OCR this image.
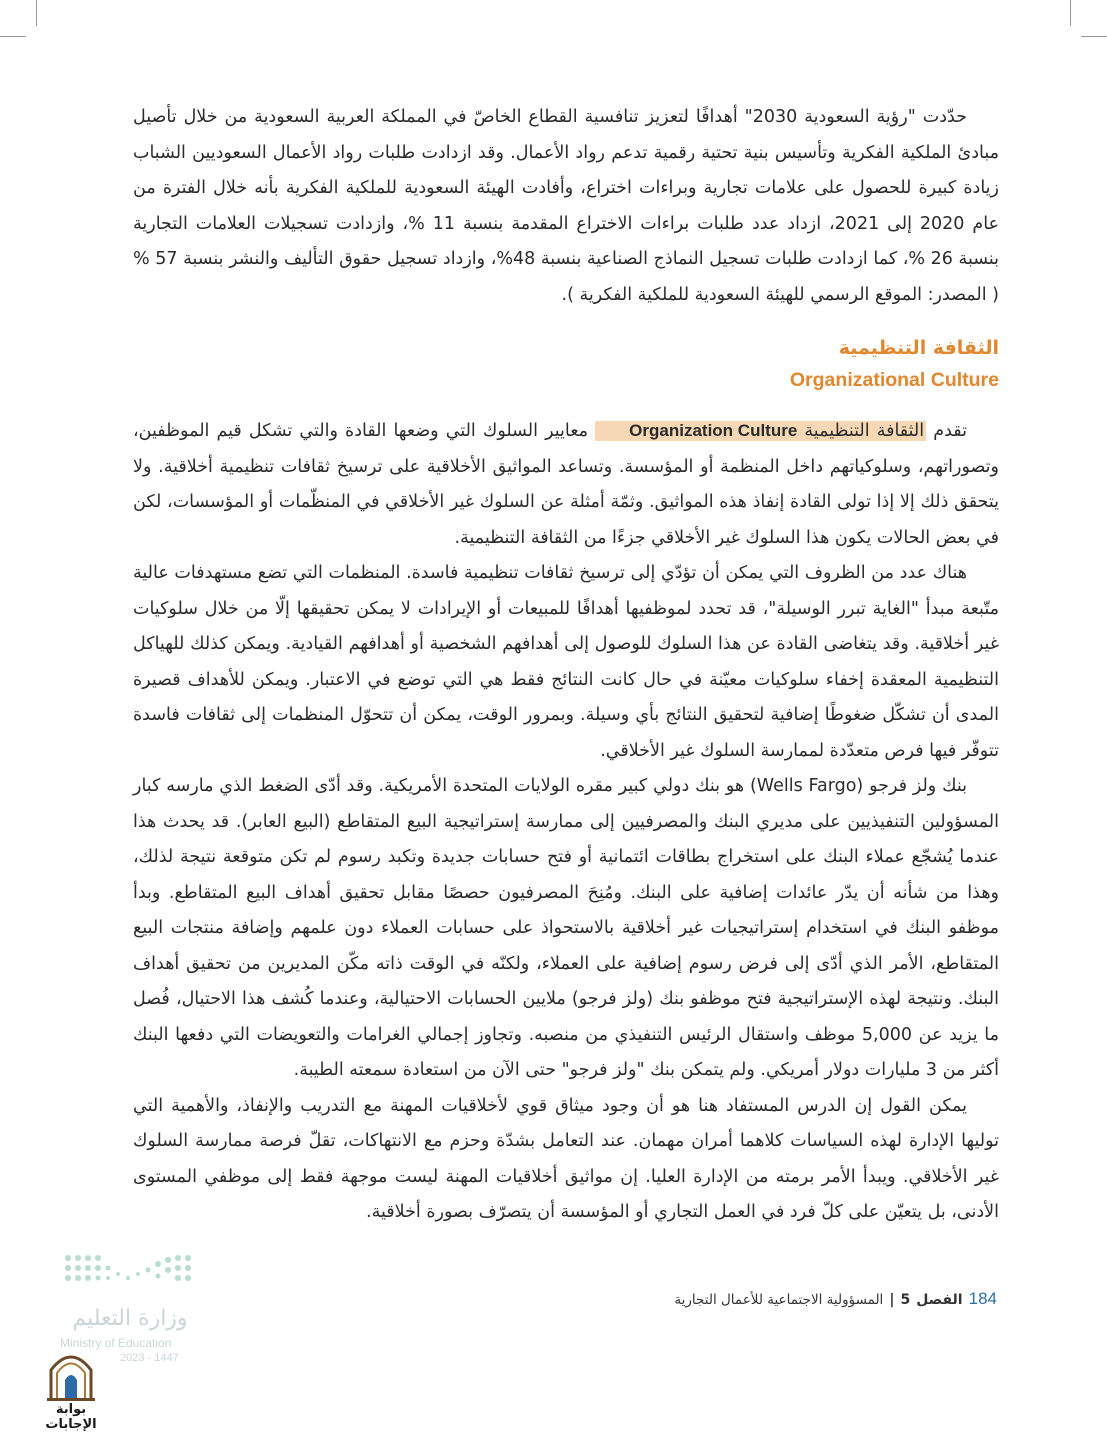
حدّدت "رؤية السعودية 2030" أهدافًا لتعزيز تنافسية القطاع الخاصّ في المملكة العربية السعودية من خلال تأصيل مبادئ الملكية الفكرية وتأسيس بنية تحتية رقمية تدعم رواد الأعمال. وقد ازدادت طلبات رواد الأعمال السعوديين الشباب زيادة كبيرة للحصول على علامات تجارية وبراءات اختراع، وأفادت الهيئة السعودية للملكية الفكرية بأنه خلال الفترة من عام 2020 إلى 2021، ازداد عدد طلبات براءات الاختراع المقدمة بنسبة 11 %، وازدادت تسجيلات العلامات التجارية بنسبة 26 %، كما ازدادت طلبات تسجيل النماذج الصناعية بنسبة 48%، وازداد تسجيل حقوق التأليف والنشر بنسبة 57 % ( المصدر: الموقع الرسمي للهيئة السعودية للملكية الفكرية ).

الثقافة التنظيمية
Organizational Culture

تقدم الثقافة التنظيمية Organization Culture معايير السلوك التي وضعها القادة والتي تشكل قيم الموظفين، وتصوراتهم، وسلوكياتهم داخل المنظمة أو المؤسسة. وتساعد المواثيق الأخلاقية على ترسيخ ثقافات تنظيمية أخلاقية. ولا يتحقق ذلك إلا إذا تولى القادة إنفاذ هذه المواثيق. وثمّة أمثلة عن السلوك غير الأخلاقي في المنظّمات أو المؤسسات، لكن في بعض الحالات يكون هذا السلوك غير الأخلاقي جزءًا من الثقافة التنظيمية.

هناك عدد من الظروف التي يمكن أن تؤدّي إلى ترسيخ ثقافات تنظيمية فاسدة. المنظمات التي تضع مستهدفات عالية متّبعة مبدأ "الغاية تبرر الوسيلة"، قد تحدد لموظفيها أهدافًا للمبيعات أو الإيرادات لا يمكن تحقيقها إلّا من خلال سلوكيات غير أخلاقية. وقد يتغاضى القادة عن هذا السلوك للوصول إلى أهدافهم الشخصية أو أهدافهم القيادية. ويمكن كذلك للهياكل التنظيمية المعقدة إخفاء سلوكيات معيّنة في حال كانت النتائج فقط هي التي توضع في الاعتبار. ويمكن للأهداف قصيرة المدى أن تشكّل ضغوطًا إضافية لتحقيق النتائج بأي وسيلة. وبمرور الوقت، يمكن أن تتحوّل المنظمات إلى ثقافات فاسدة تتوفّر فيها فرص متعدّدة لممارسة السلوك غير الأخلاقي.

بنك ولز فرجو (Wells Fargo) هو بنك دولي كبير مقره الولايات المتحدة الأمريكية. وقد أدّى الضغط الذي مارسه كبار المسؤولين التنفيذيين على مديري البنك والمصرفيين إلى ممارسة إستراتيجية البيع المتقاطع (البيع العابر). قد يحدث هذا عندما يُشجّع عملاء البنك على استخراج بطاقات ائتمانية أو فتح حسابات جديدة وتكبد رسوم لم تكن متوقعة نتيجة لذلك، وهذا من شأنه أن يدّر عائدات إضافية على البنك. ومُنِحَ المصرفيون حصصًا مقابل تحقيق أهداف البيع المتقاطع. وبدأ موظفو البنك في استخدام إستراتيجيات غير أخلاقية بالاستحواذ على حسابات العملاء دون علمهم وإضافة منتجات البيع المتقاطع، الأمر الذي أدّى إلى فرض رسوم إضافية على العملاء، ولكنّه في الوقت ذاته مكّن المديرين من تحقيق أهداف البنك. ونتيجة لهذه الإستراتيجية فتح موظفو بنك (ولز فرجو) ملايين الحسابات الاحتيالية، وعندما كُشف هذا الاحتيال، فُصل ما يزيد عن 5,000 موظف واستقال الرئيس التنفيذي من منصبه. وتجاوز إجمالي الغرامات والتعويضات التي دفعها البنك أكثر من 3 مليارات دولار أمريكي. ولم يتمكن بنك "ولز فرجو" حتى الآن من استعادة سمعته الطيبة.

يمكن القول إن الدرس المستفاد هنا هو أن وجود ميثاق قوي لأخلاقيات المهنة مع التدريب والإنفاذ، والأهمية التي توليها الإدارة لهذه السياسات كلاهما أمران مهمان. عند التعامل بشدّة وحزم مع الانتهاكات، تقلّ فرصة ممارسة السلوك غير الأخلاقي. ويبدأ الأمر برمته من الإدارة العليا. إن مواثيق أخلاقيات المهنة ليست موجهة فقط إلى موظفي المستوى الأدنى، بل يتعيّن على كلّ فرد في العمل التجاري أو المؤسسة أن يتصرّف بصورة أخلاقية.

184
الفصل
5
|
المسؤولية الاجتماعية للأعمال التجارية
وزارة التعليم
Ministry of Education
2023 - 1447
بوابة الإجابات
